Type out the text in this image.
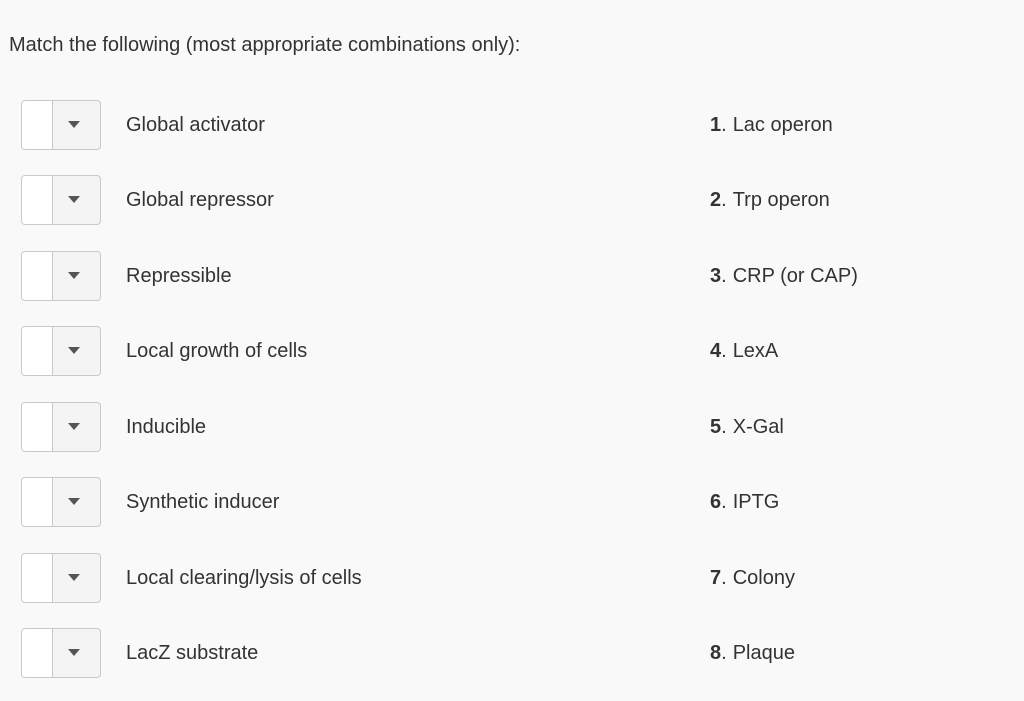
Match the following (most appropriate combinations only):
Global activator	1. Lac operon
Global repressor	2. Trp operon
Repressible	3. CRP (or CAP)
Local growth of cells	4. LexA
Inducible	5. X-Gal
Synthetic inducer	6. IPTG
Local clearing/lysis of cells	7. Colony
LacZ substrate	8. Plaque
